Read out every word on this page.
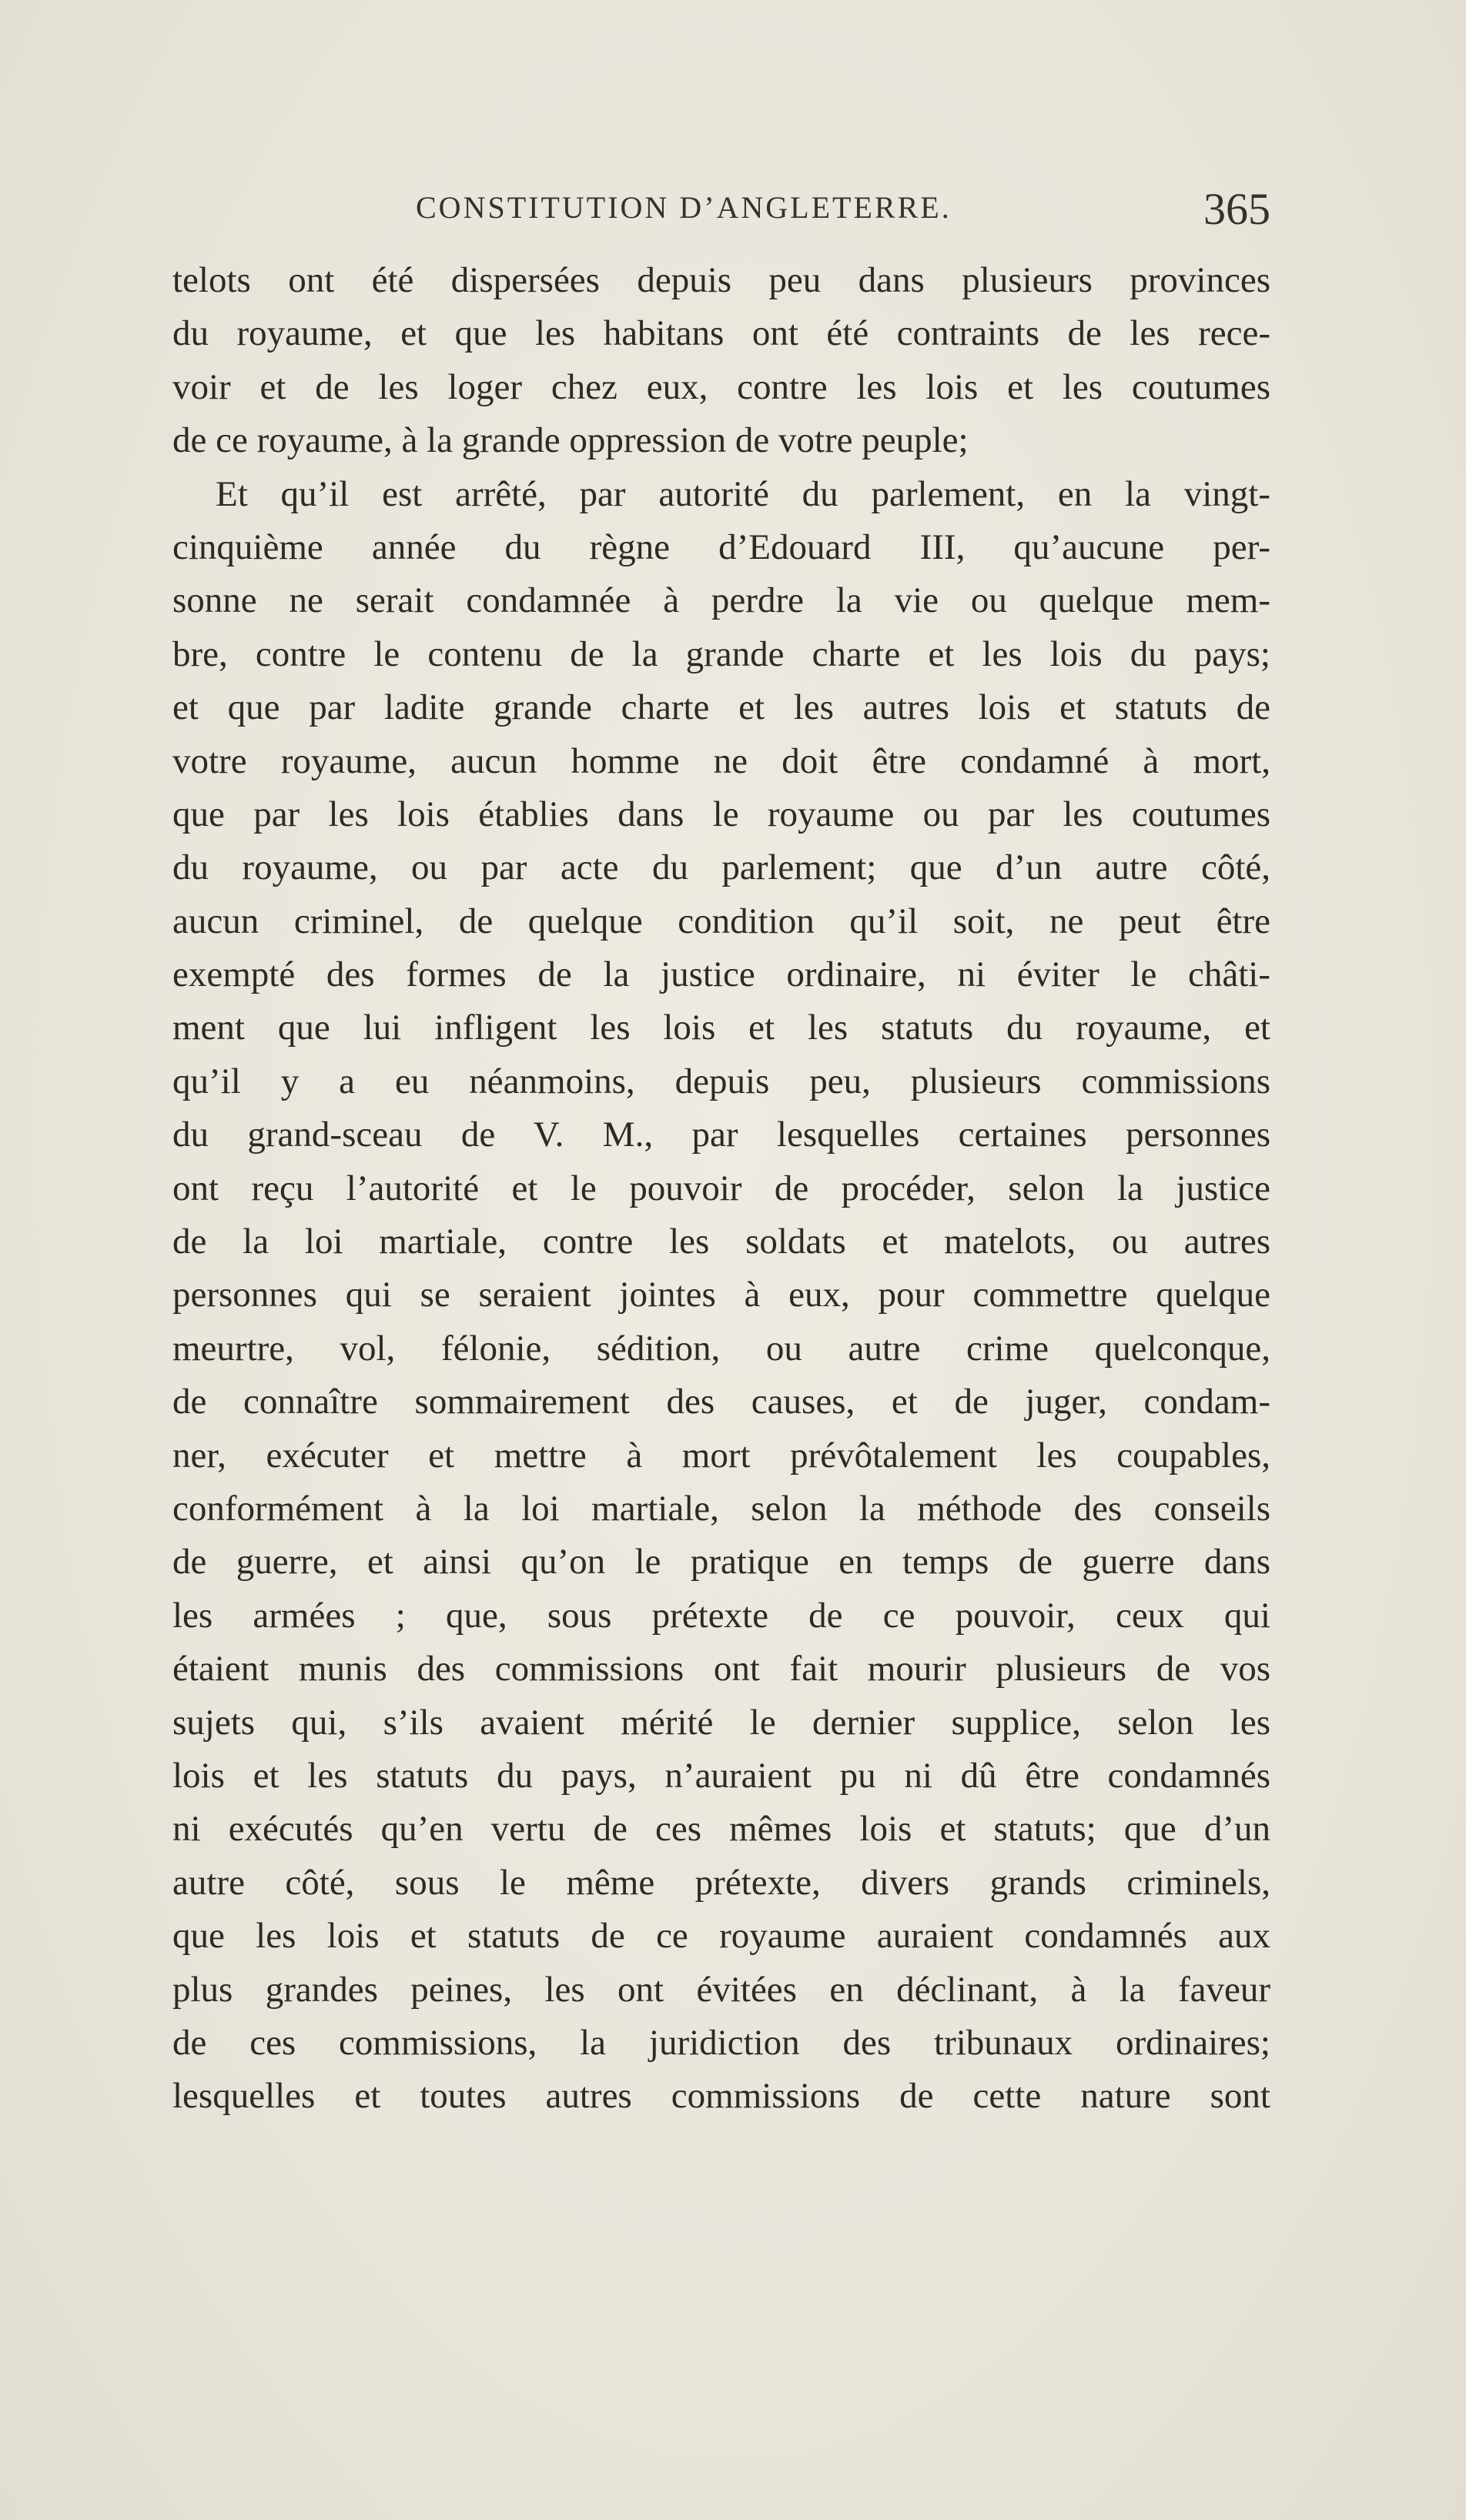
CONSTITUTION D’ANGLETERRE.	365
telots ont été dispersées depuis peu dans plusieurs provinces
du royaume, et que les habitans ont été contraints de les rece-
voir et de les loger chez eux, contre les lois et les coutumes
de ce royaume, à la grande oppression de votre peuple;
Et qu’il est arrêté, par autorité du parlement, en la vingt-
cinquième année du règne d’Edouard III, qu’aucune per-
sonne ne serait condamnée à perdre la vie ou quelque mem-
bre, contre le contenu de la grande charte et les lois du pays;
et que par ladite grande charte et les autres lois et statuts de
votre royaume, aucun homme ne doit être condamné à mort,
que par les lois établies dans le royaume ou par les coutumes
du royaume, ou par acte du parlement; que d’un autre côté,
aucun criminel, de quelque condition qu’il soit, ne peut être
exempté des formes de la justice ordinaire, ni éviter le châti-
ment que lui infligent les lois et les statuts du royaume, et
qu’il y a eu néanmoins, depuis peu, plusieurs commissions
du grand-sceau de V. M., par lesquelles certaines personnes
ont reçu l’autorité et le pouvoir de procéder, selon la justice
de la loi martiale, contre les soldats et matelots, ou autres
personnes qui se seraient jointes à eux, pour commettre quelque
meurtre, vol, félonie, sédition, ou autre crime quelconque,
de connaître sommairement des causes, et de juger, condam-
ner, exécuter et mettre à mort prévôtalement les coupables,
conformément à la loi martiale, selon la méthode des conseils
de guerre, et ainsi qu’on le pratique en temps de guerre dans
les armées ; que, sous prétexte de ce pouvoir, ceux qui
étaient munis des commissions ont fait mourir plusieurs de vos
sujets qui, s’ils avaient mérité le dernier supplice, selon les
lois et les statuts du pays, n’auraient pu ni dû être condamnés
ni exécutés qu’en vertu de ces mêmes lois et statuts; que d’un
autre côté, sous le même prétexte, divers grands criminels,
que les lois et statuts de ce royaume auraient condamnés aux
plus grandes peines, les ont évitées en déclinant, à la faveur
de ces commissions, la juridiction des tribunaux ordinaires;
lesquelles et toutes autres commissions de cette nature sont
